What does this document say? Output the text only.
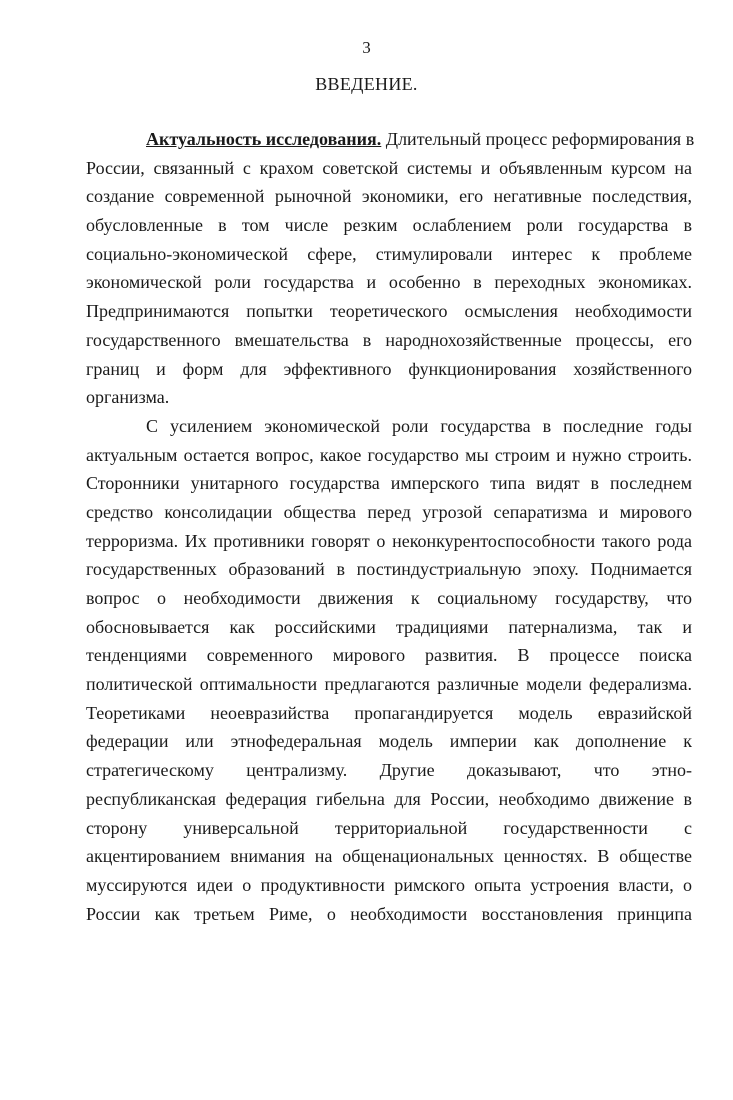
3
ВВЕДЕНИЕ.
Актуальность исследования. Длительный процесс реформирования в
России, связанный с крахом советской системы и объявленным курсом на
создание современной рыночной экономики, его негативные последствия,
обусловленные в том числе резким ослаблением роли государства в
социально-экономической сфере, стимулировали интерес к проблеме
экономической роли государства и особенно в переходных экономиках.
Предпринимаются попытки теоретического осмысления необходимости
государственного вмешательства в народнохозяйственные процессы, его
границ и форм для эффективного функционирования хозяйственного
организма.
С усилением экономической роли государства в последние годы
актуальным остается вопрос, какое государство мы строим и нужно строить.
Сторонники унитарного государства имперского типа видят в последнем
средство консолидации общества перед угрозой сепаратизма и мирового
терроризма. Их противники говорят о неконкурентоспособности такого рода
государственных образований в постиндустриальную эпоху. Поднимается
вопрос о необходимости движения к социальному государству, что
обосновывается как российскими традициями патернализма, так и
тенденциями современного мирового развития. В процессе поиска
политической оптимальности предлагаются различные модели федерализма.
Теоретиками неоевразийства пропагандируется модель евразийской
федерации или этнофедеральная модель империи как дополнение к
стратегическому централизму. Другие доказывают, что этно-
республиканская федерация гибельна для России, необходимо движение в
сторону универсальной территориальной государственности с
акцентированием внимания на общенациональных ценностях. В обществе
муссируются идеи о продуктивности римского опыта устроения власти, о
России как третьем Риме, о необходимости восстановления принципа
